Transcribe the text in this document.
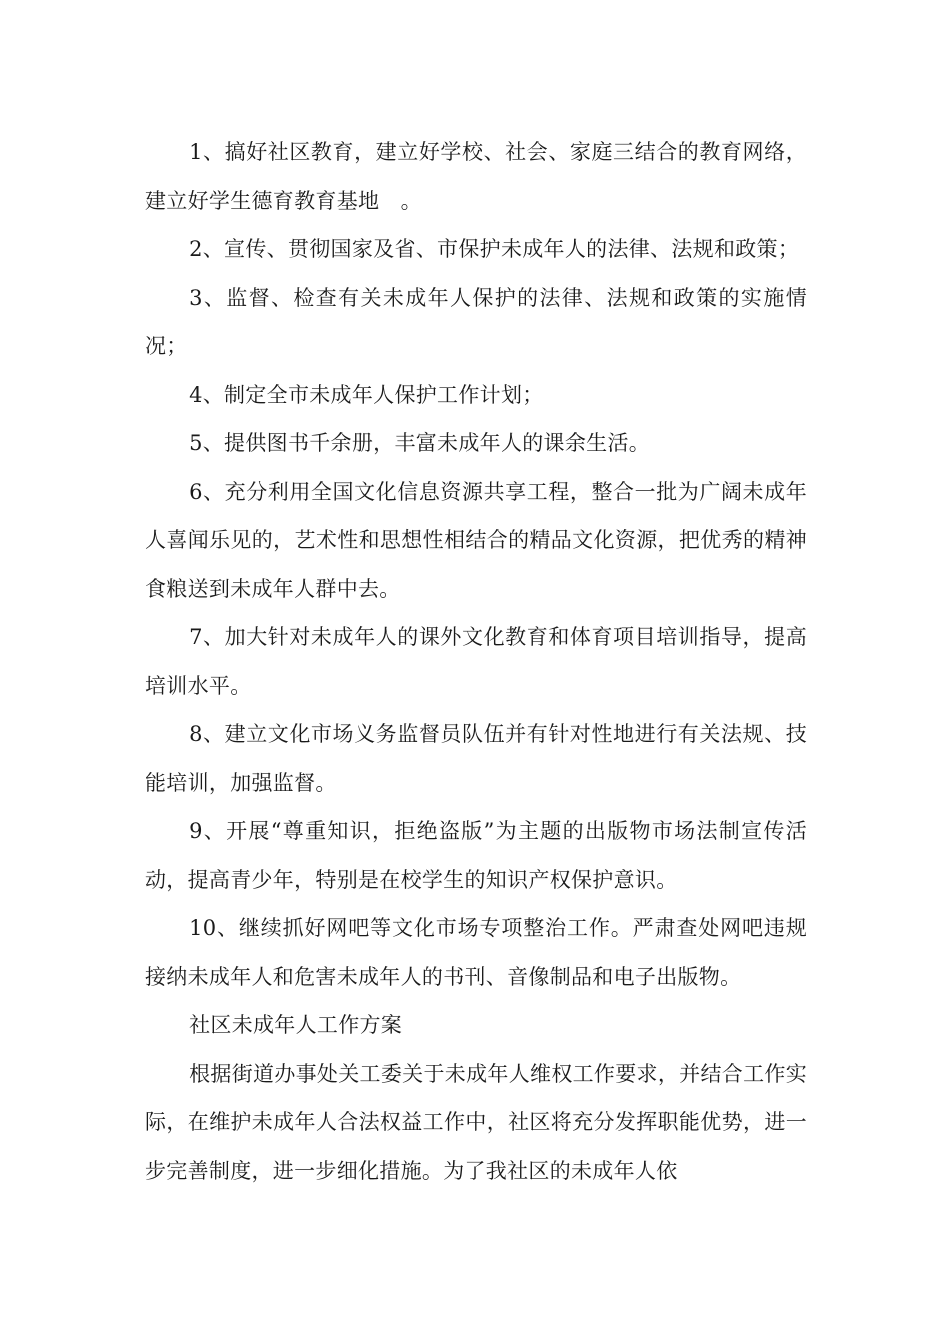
1、搞好社区教育，建立好学校、社会、家庭三结合的教育网络，建立好学生德育教育基地　。

2、宣传、贯彻国家及省、市保护未成年人的法律、法规和政策；

3、监督、检查有关未成年人保护的法律、法规和政策的实施情况；

4、制定全市未成年人保护工作计划；

5、提供图书千余册，丰富未成年人的课余生活。

6、充分利用全国文化信息资源共享工程，整合一批为广阔未成年人喜闻乐见的，艺术性和思想性相结合的精品文化资源，把优秀的精神食粮送到未成年人群中去。

7、加大针对未成年人的课外文化教育和体育项目培训指导，提高培训水平。

8、建立文化市场义务监督员队伍并有针对性地进行有关法规、技能培训，加强监督。

9、开展“尊重知识，拒绝盗版”为主题的出版物市场法制宣传活动，提高青少年，特别是在校学生的知识产权保护意识。

10、继续抓好网吧等文化市场专项整治工作。严肃查处网吧违规接纳未成年人和危害未成年人的书刊、音像制品和电子出版物。

社区未成年人工作方案

根据街道办事处关工委关于未成年人维权工作要求，并结合工作实际，在维护未成年人合法权益工作中，社区将充分发挥职能优势，进一步完善制度，进一步细化措施。为了我社区的未成年人依
